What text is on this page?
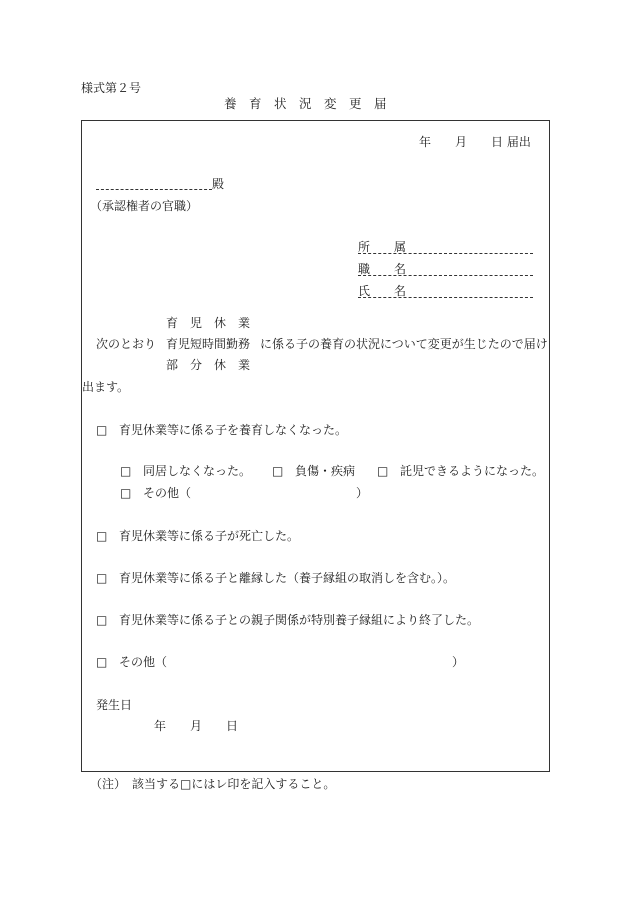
様式第２号
養　育　状　況　変　更　届
年　　月　　日 届出
殿
（承認権者の官職）
所　　属
職　　名
氏　　名
育　児　休　業
次のとおり 育児短時間勤務 に係る子の養育の状況について変更が生じたので届け
部　分　休　業
出ます。
□ 育児休業等に係る子を養育しなくなった。
□ 同居しなくなった。 □ 負傷・疾病 □ 託児できるようになった。
□ その他（	）
□ 育児休業等に係る子が死亡した。
□ 育児休業等に係る子と離縁した（養子縁組の取消しを含む。）。
□ 育児休業等に係る子との親子関係が特別養子縁組により終了した。
□ その他（	）
発生日
年　　月　　日
（注）　該当する□にはレ印を記入すること。
